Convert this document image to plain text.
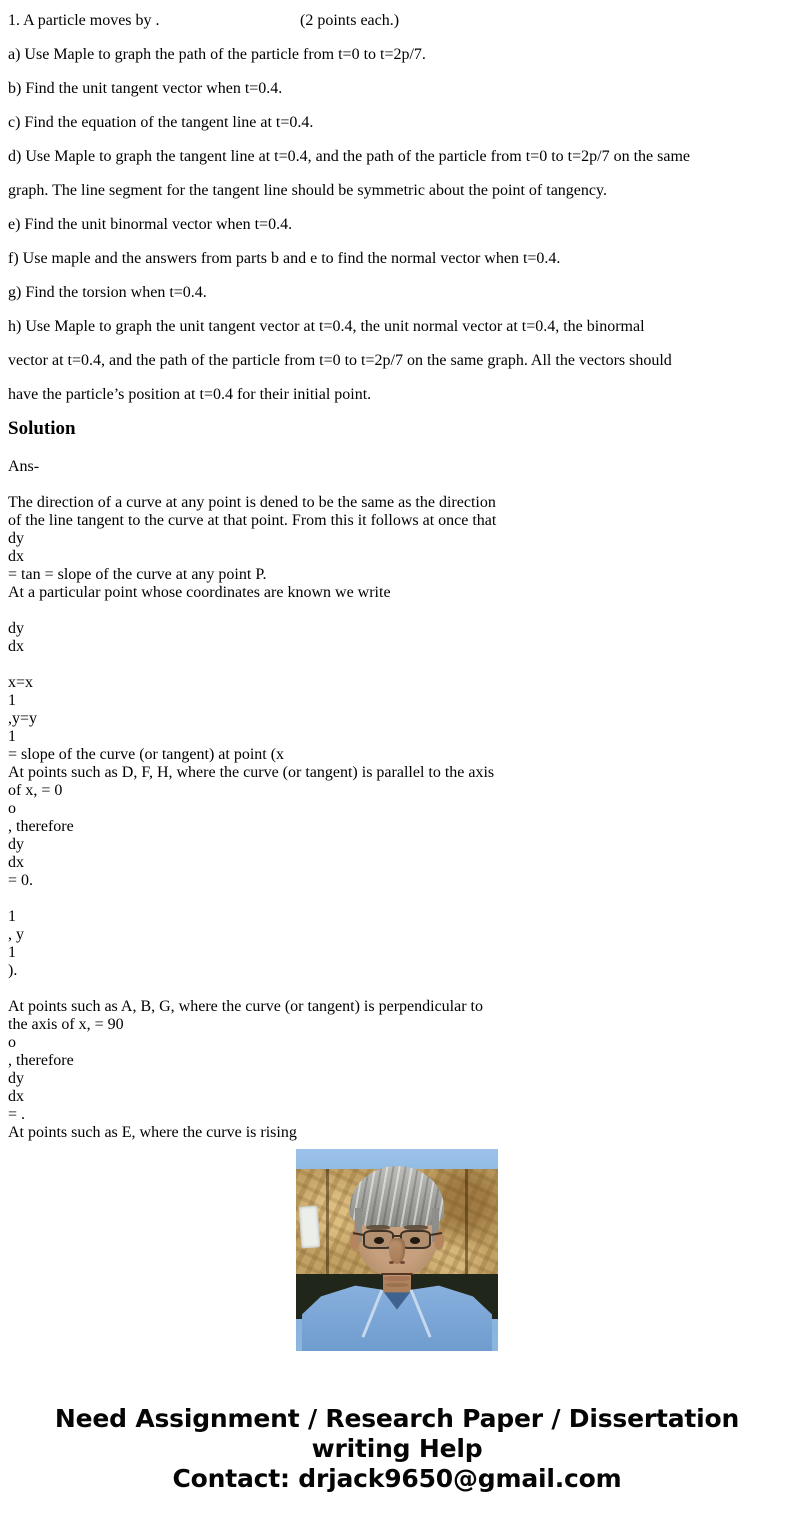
1. A particle moves by .	(2 points each.)
a) Use Maple to graph the path of the particle from t=0 to t=2p/7.
b) Find the unit tangent vector when t=0.4.
c) Find the equation of the tangent line at t=0.4.
d) Use Maple to graph the tangent line at t=0.4, and the path of the particle from t=0 to t=2p/7 on the same
graph. The line segment for the tangent line should be symmetric about the point of tangency.
e) Find the unit binormal vector when t=0.4.
f) Use maple and the answers from parts b and e to find the normal vector when t=0.4.
g) Find the torsion when t=0.4.
h) Use Maple to graph the unit tangent vector at t=0.4, the unit normal vector at t=0.4, the binormal
vector at t=0.4, and the path of the particle from t=0 to t=2p/7 on the same graph. All the vectors should
have the particle’s position at t=0.4 for their initial point.
Solution
Ans-
The direction of a curve at any point is dened to be the same as the direction
of the line tangent to the curve at that point. From this it follows at once that
dy
dx
= tan = slope of the curve at any point P.
At a particular point whose coordinates are known we write
dy
dx
x=x
1
,y=y
1
= slope of the curve (or tangent) at point (x
At points such as D, F, H, where the curve (or tangent) is parallel to the axis
of x, = 0
o
, therefore
dy
dx
= 0.
1
, y
1
).
At points such as A, B, G, where the curve (or tangent) is perpendicular to
the axis of x, = 90
o
, therefore
dy
dx
= .
At points such as E, where the curve is rising
Need Assignment / Research Paper / Dissertation
writing Help
Contact: drjack9650@gmail.com
